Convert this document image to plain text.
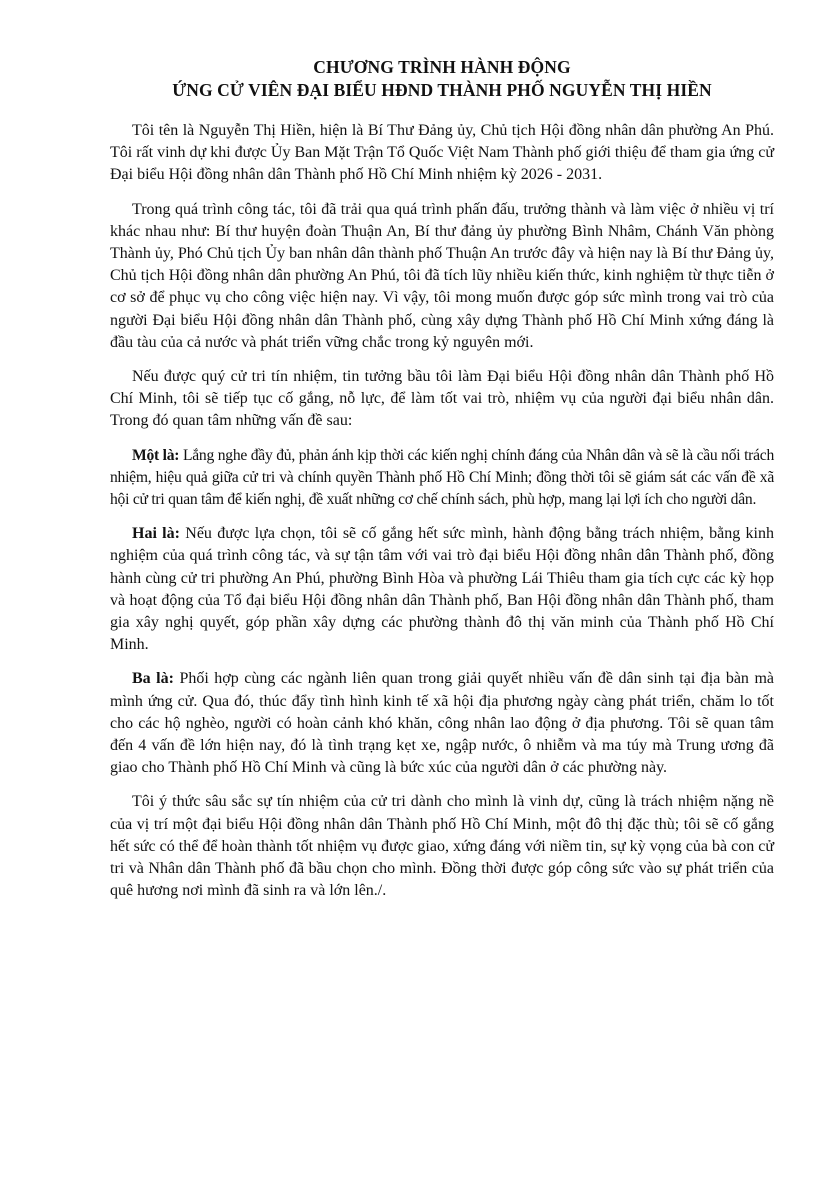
CHƯƠNG TRÌNH HÀNH ĐỘNG
ỨNG CỬ VIÊN ĐẠI BIỂU HĐND THÀNH PHỐ NGUYỄN THỊ HIỀN

Tôi tên là Nguyễn Thị Hiền, hiện là Bí Thư Đảng ủy, Chủ tịch Hội đồng nhân dân phường An Phú. Tôi rất vinh dự khi được Ủy Ban Mặt Trận Tổ Quốc Việt Nam Thành phố giới thiệu để tham gia ứng cử Đại biểu Hội đồng nhân dân Thành phố Hồ Chí Minh nhiệm kỳ 2026 - 2031.

Trong quá trình công tác, tôi đã trải qua quá trình phấn đấu, trưởng thành và làm việc ở nhiều vị trí khác nhau như: Bí thư huyện đoàn Thuận An, Bí thư đảng ủy phường Bình Nhâm, Chánh Văn phòng Thành ủy, Phó Chủ tịch Ủy ban nhân dân thành phố Thuận An trước đây và hiện nay là Bí thư Đảng ủy, Chủ tịch Hội đồng nhân dân phường An Phú, tôi đã tích lũy nhiều kiến thức, kinh nghiệm từ thực tiễn ở cơ sở để phục vụ cho công việc hiện nay. Vì vậy, tôi mong muốn được góp sức mình trong vai trò của người Đại biểu Hội đồng nhân dân Thành phố, cùng xây dựng Thành phố Hồ Chí Minh xứng đáng là đầu tàu của cả nước và phát triển vững chắc trong kỷ nguyên mới.

Nếu được quý cử tri tín nhiệm, tin tưởng bầu tôi làm Đại biểu Hội đồng nhân dân Thành phố Hồ Chí Minh, tôi sẽ tiếp tục cố gắng, nỗ lực, để làm tốt vai trò, nhiệm vụ của người đại biểu nhân dân. Trong đó quan tâm những vấn đề sau:

Một là: Lắng nghe đầy đủ, phản ánh kịp thời các kiến nghị chính đáng của Nhân dân và sẽ là cầu nối trách nhiệm, hiệu quả giữa cử tri và chính quyền Thành phố Hồ Chí Minh; đồng thời tôi sẽ giám sát các vấn đề xã hội cử tri quan tâm để kiến nghị, đề xuất những cơ chế chính sách, phù hợp, mang lại lợi ích cho người dân.

Hai là: Nếu được lựa chọn, tôi sẽ cố gắng hết sức mình, hành động bằng trách nhiệm, bằng kinh nghiệm của quá trình công tác, và sự tận tâm với vai trò đại biểu Hội đồng nhân dân Thành phố, đồng hành cùng cử tri phường An Phú, phường Bình Hòa và phường Lái Thiêu tham gia tích cực các kỳ họp và hoạt động của Tổ đại biểu Hội đồng nhân dân Thành phố, Ban Hội đồng nhân dân Thành phố, tham gia xây nghị quyết, góp phần xây dựng các phường thành đô thị văn minh của Thành phố Hồ Chí Minh.

Ba là: Phối hợp cùng các ngành liên quan trong giải quyết nhiều vấn đề dân sinh tại địa bàn mà mình ứng cử. Qua đó, thúc đẩy tình hình kinh tế xã hội địa phương ngày càng phát triển, chăm lo tốt cho các hộ nghèo, người có hoàn cảnh khó khăn, công nhân lao động ở địa phương. Tôi sẽ quan tâm đến 4 vấn đề lớn hiện nay, đó là tình trạng kẹt xe, ngập nước, ô nhiễm và ma túy mà Trung ương đã giao cho Thành phố Hồ Chí Minh và cũng là bức xúc của người dân ở các phường này.

Tôi ý thức sâu sắc sự tín nhiệm của cử tri dành cho mình là vinh dự, cũng là trách nhiệm nặng nề của vị trí một đại biểu Hội đồng nhân dân Thành phố Hồ Chí Minh, một đô thị đặc thù; tôi sẽ cố gắng hết sức có thể để hoàn thành tốt nhiệm vụ được giao, xứng đáng với niềm tin, sự kỳ vọng của bà con cử tri và Nhân dân Thành phố đã bầu chọn cho mình. Đồng thời được góp công sức vào sự phát triển của quê hương nơi mình đã sinh ra và lớn lên./.
